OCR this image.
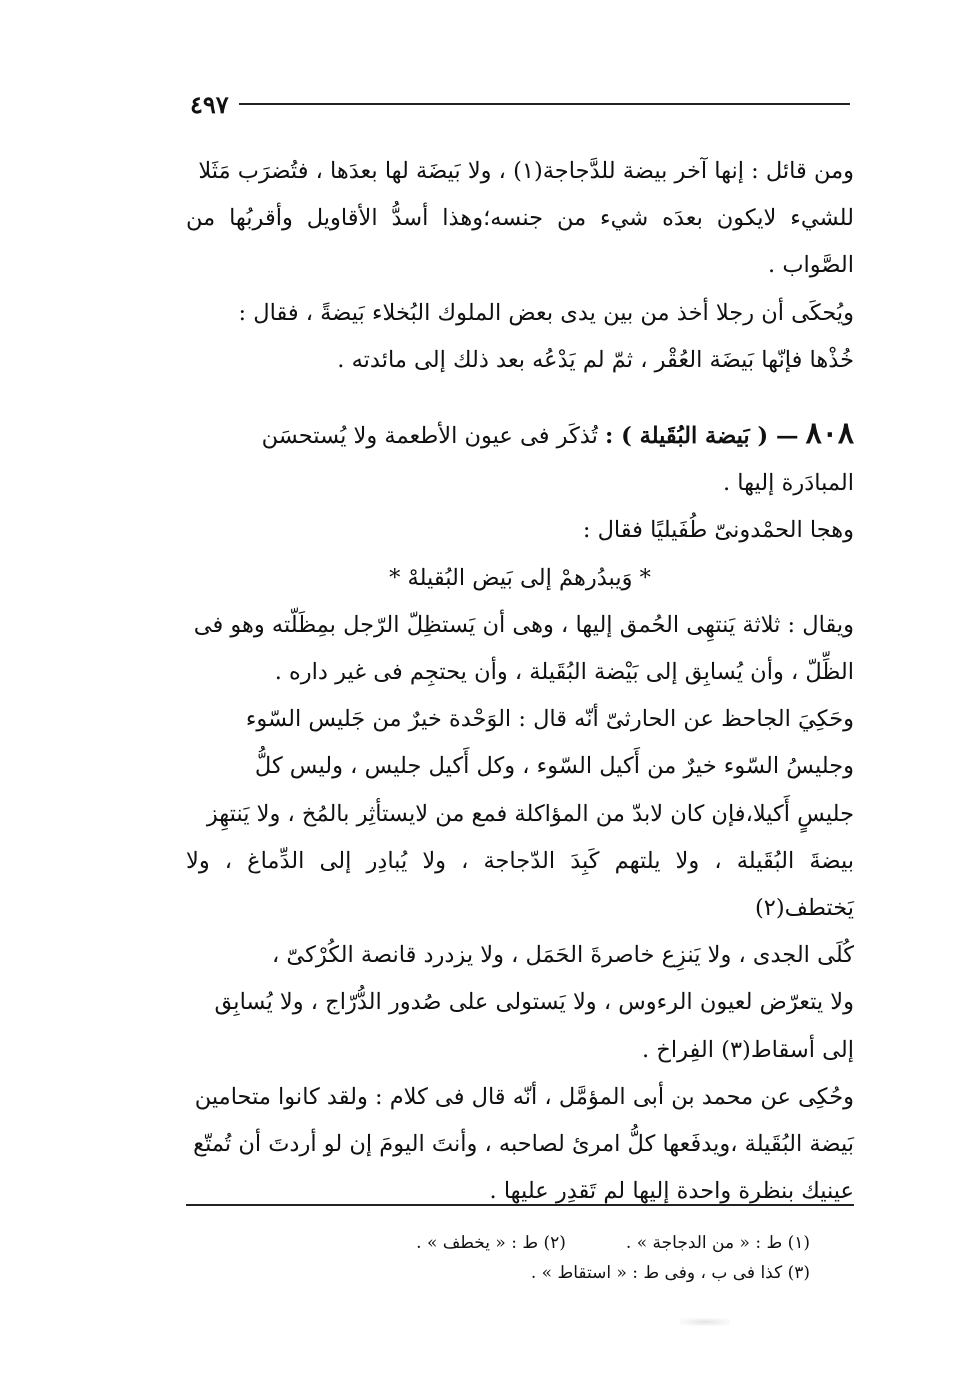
٤٩٧

ومن قائل : إنها آخر بيضة للدَّجاجة(١) ، ولا بَيضَة لها بعدَها ، فتُضرَب مَثَلا
للشيء لايكون بعدَه شيء من جنسه؛وهذا أسدُّ الأقاويل وأقربُها من الصَّواب .

ويُحكَى أن رجلا أخذ من بين يدى بعض الملوك البُخلاء بَيضةً ، فقال :
خُذْها فإنّها بَيضَة العُقْر ، ثمّ لم يَدْعُه بعد ذلك إلى مائدته .

٨٠٨ — ( بَيضة البُقَيلة ) : تُذكَر فى عيون الأطعمة ولا يُستحسَن
المبادَرة إليها .

وهجا الحمْدونىّ طُفَيليًا فقال :

* وَيبدُرهمْ إلى بَيض البُقيلهْ *

ويقال : ثلاثة يَنتهِى الحُمق إليها ، وهى أن يَستظِلّ الرّجل بمِظَلّته وهو فى
الظِّلّ ، وأن يُسابِق إلى بَيْضة البُقَيلة ، وأن يحتجِم فى غير داره .

وحَكِيَ الجاحظ عن الحارثىّ أنّه قال : الوَحْدة خيرٌ من جَليس السّوء
وجليسُ السّوء خيرٌ من أَكيل السّوء ، وكل أَكيل جليس ، وليس كلُّ
جليسٍ أَكيلا،فإن كان لابدّ من المؤاكلة فمع من لايستأثِر بالمُخ ، ولا يَنتهِز
بيضةَ البُقَيلة ، ولا يلتهم كَبِدَ الدّجاجة ، ولا يُبادِر إلى الدِّماغ ، ولا يَختطف(٢)
كُلَى الجدى ، ولا يَنزِع خاصرةَ الحَمَل ، ولا يزدرد قانصة الكُرْكىّ ،
ولا يتعرّض لعيون الرءوس ، ولا يَستولى على صُدور الدُّرّاج ، ولا يُسابِق
إلى أسقاط(٣) الفِراخ .

وحُكِى عن محمد بن أبى المؤمَّل ، أنّه قال فى كلام : ولقد كانوا متحامين
بَيضة البُقَيلة ،ويدفَعها كلُّ امرئ لصاحبه ، وأنتَ اليومَ إن لو أردتَ أن تُمتّع
عينيك بنظرة واحدة إليها لم تَقدِر عليها .

(١) ط : « من الدجاجة » .
(٢) ط : « يخطف » .
(٣) كذا فى ب ، وفى ط : « استقاط » .
